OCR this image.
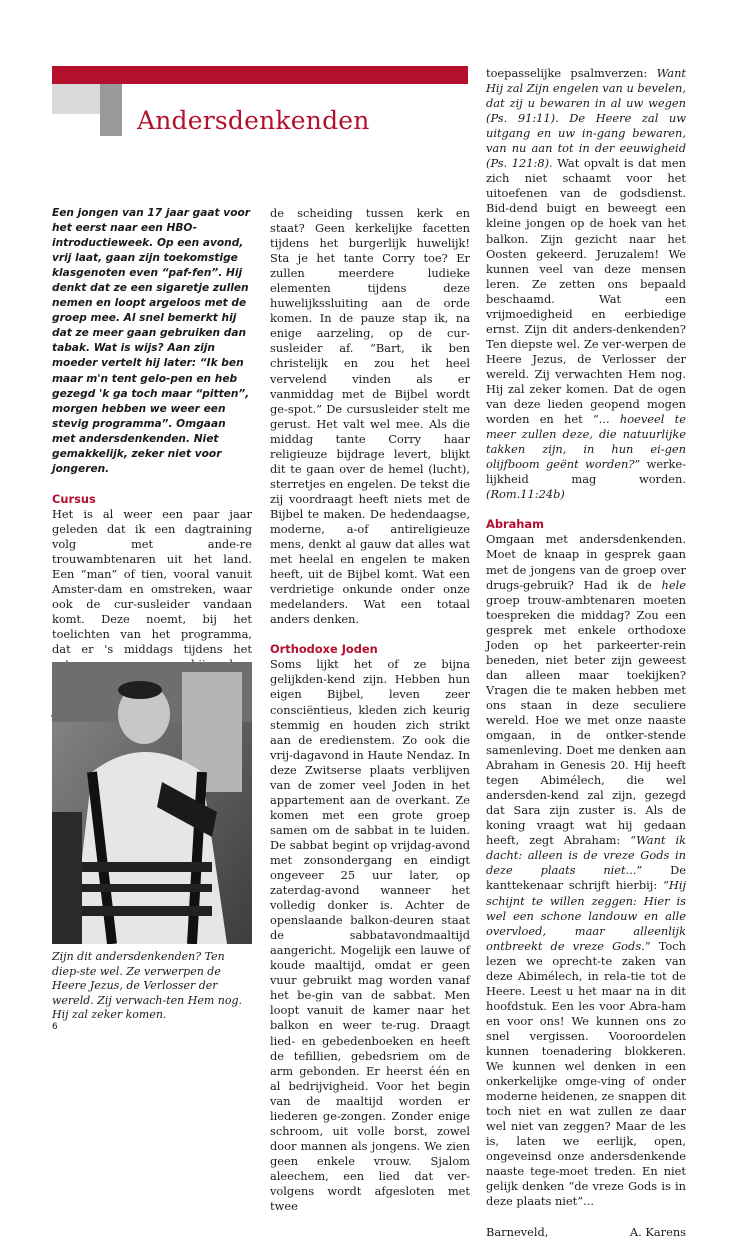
Andersdenkenden

Een jongen van 17 jaar gaat voor het eerst naar een HBO-introductieweek. Op een avond, vrij laat, gaan zijn toekomstige klasgenoten even “paf-fen”. Hij denkt dat ze een sigaretje zullen nemen en loopt argeloos met de groep mee. Al snel bemerkt hij dat ze meer gaan gebruiken dan tabak. Wat is wijs? Aan zijn moeder vertelt hij later: “Ik ben maar m'n tent gelo-pen en heb gezegd 'k ga toch maar “pitten”, morgen hebben we weer een stevig programma”. Omgaan met andersdenkenden. Niet gemakkelijk, zeker niet voor jongeren.

Cursus

Het is al weer een paar jaar geleden dat ik een dagtraining volg met ande-re trouwambtenaren uit het land. Een “man” of tien, vooral vanuit Amster-dam en omstreken, waar ook de cur-susleider vandaan komt. Deze noemt, bij het toelichten van het programma, dat er 's middags tijdens het

Zijn dit andersdenkenden? Ten diep-ste wel. Ze verwerpen de Heere Jezus, de Verlosser der wereld. Zij verwach-ten Hem nog. Hij zal zeker komen.

de scheiding tussen kerk en staat? Geen kerkelijke facetten tijdens het burgerlijk huwelijk! Sta je het tante Corry toe? Er zullen meerdere ludieke elementen tijdens deze huwelijkssluiting aan de orde komen. In de pauze stap ik, na enige aarzeling, op de cur-susleider af. “Bart, ik ben christelijk en zou het heel vervelend vinden als er vanmiddag met de Bijbel wordt ge-spot.” De cursusleider stelt me gerust. Het valt wel mee. Als die middag tante Corry haar religieuze bijdrage levert, blijkt dit te gaan over de hemel (lucht), sterretjes en engelen. De tekst die zij voordraagt heeft niets met de Bijbel te maken. De hedendaagse, moderne, a-of antireligieuze mens, denkt al gauw dat alles wat met heelal en engelen te maken heeft, uit de Bijbel komt. Wat een verdrietige onkunde onder onze medelanders. Wat een totaal anders denken.

Orthodoxe Joden

Soms lijkt het of ze bijna gelijkden-kend zijn. Hebben hun eigen Bijbel, leven zeer consciëntieus, kleden zich keurig stemmig en houden zich strikt aan de eredienstem. Zo ook die vrij-dagavond in Haute Nendaz. In deze Zwitserse plaats verblijven van de zomer veel Joden in het appartement aan de overkant. Ze komen met een grote groep samen om de sabbat in te luiden. De sabbat begint op vrijdag-avond met zonsondergang en eindigt ongeveer 25 uur later, op zaterdag-avond wanneer het volledig donker is. Achter de openslaande balkon-deuren staat de sabbatavondmaaltijd aangericht. Mogelijk een lauwe of koude maaltijd, omdat er geen vuur gebruikt mag worden vanaf het be-gin van de sabbat. Men loopt vanuit de kamer naar het balkon en weer te-rug. Draagt lied- en gebedenboeken en heeft de tefillien, gebedsriem om de arm gebonden. Er heerst één en al bedrijvigheid. Voor het begin van de maaltijd worden er liederen ge-zongen. Zonder enige schroom, uit volle borst, zowel door mannen als jongens. We zien geen enkele vrouw. Sjalom aleechem, een lied dat ver-volgens wordt afgesloten met twee

toepasselijke psalmverzen: Want Hij zal Zijn engelen van u bevelen, dat zij u bewaren in al uw wegen (Ps. 91:11). De Heere zal uw uitgang en uw in-gang bewaren, van nu aan tot in der eeuwigheid (Ps. 121:8). Wat opvalt is dat men zich niet schaamt voor het uitoefenen van de godsdienst. Bid-dend buigt en beweegt een kleine jongen op de hoek van het balkon. Zijn gezicht naar het Oosten gekeerd. Jeruzalem! We kunnen veel van deze mensen leren. Ze zetten ons bepaald beschaamd. Wat een vrijmoedigheid en eerbiedige ernst. Zijn dit anders-denkenden? Ten diepste wel. Ze ver-werpen de Heere Jezus, de Verlosser der wereld. Zij verwachten Hem nog. Hij zal zeker komen. Dat de ogen van deze lieden geopend mogen worden en het “... hoeveel te meer zullen deze, die natuurlijke takken zijn, in hun ei-gen olijfboom geënt worden?” werke-lijkheid mag worden. (Rom.11:24b)

Abraham

Omgaan met andersdenkenden. Moet de knaap in gesprek gaan met de jongens van de groep over drugs-gebruik? Had ik de hele groep trouw-ambtenaren moeten toespreken die middag? Zou een gesprek met enkele orthodoxe Joden op het parkeerter-rein beneden, niet beter zijn geweest dan alleen maar toekijken? Vragen die te maken hebben met ons staan in deze seculiere wereld. Hoe we met onze naaste omgaan, in de ontker-stende samenleving. Doet me denken aan Abraham in Genesis 20. Hij heeft tegen Abimélech, die wel andersden-kend zal zijn, gezegd dat Sara zijn zuster is. Als de koning vraagt wat hij gedaan heeft, zegt Abraham: “Want ik dacht: alleen is de vreze Gods in deze plaats niet...” De kanttekenaar schrijft hierbij: “Hij schijnt te willen zeggen: Hier is wel een schone landouw en alle overvloed, maar alleenlijk ontbreekt de vreze Gods.” Toch lezen we oprecht-te zaken van deze Abimélech, in rela-tie tot de Heere. Leest u het maar na in dit hoofdstuk. Een les voor Abra-ham en voor ons! We kunnen ons zo snel vergissen. Vooroordelen kunnen toenadering blokkeren. We kunnen wel denken in een onkerkelijke omge-ving of onder moderne heidenen, ze snappen dit toch niet en wat zullen ze daar wel niet van zeggen? Maar de les is, laten we eerlijk, open, ongeveinsd onze andersdenkende naaste tege-moet treden. En niet gelijk denken “de vreze Gods is in deze plaats niet”...

Barneveld,	A. Karens

6
